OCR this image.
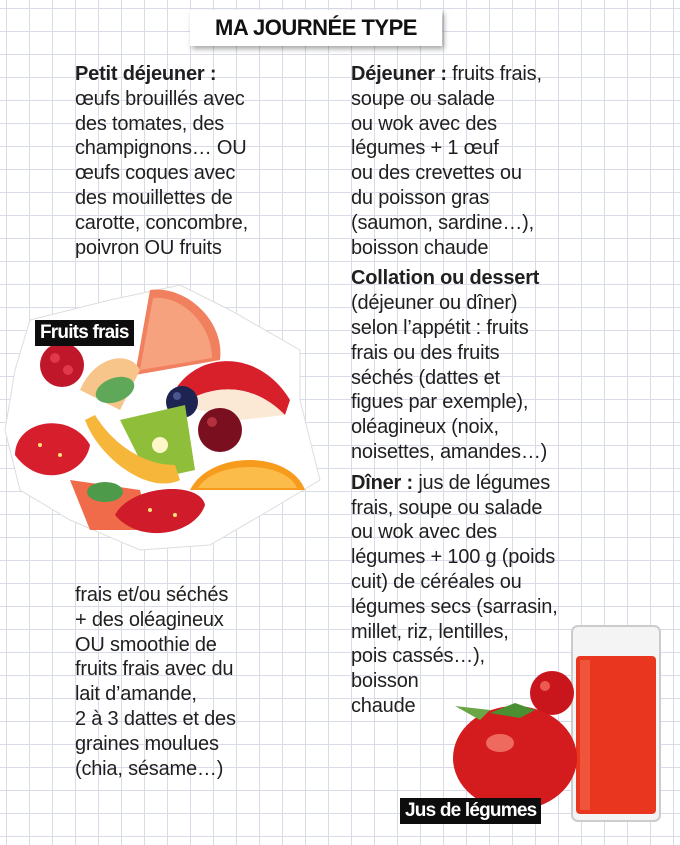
MA JOURNÉE TYPE

Petit déjeuner :

œufs brouillés avec

des tomates, des

champignons… OU

œufs coques avec

des mouillettes de

carotte, concombre,

poivron OU fruits

frais et/ou séchés

+ des oléagineux

OU smoothie de

fruits frais avec du

lait d’amande,

2 à 3 dattes et des

graines moulues

(chia, sésame…)

Déjeuner : fruits frais,

soupe ou salade

ou wok avec des

légumes + 1 œuf

ou des crevettes ou

du poisson gras

(saumon, sardine…),

boisson chaude

Collation ou dessert

(déjeuner ou dîner)

selon l’appétit : fruits

frais ou des fruits

séchés (dattes et

figues par exemple),

oléagineux (noix,

noisettes, amandes…)

Dîner : jus de légumes

frais, soupe ou salade

ou wok avec des

légumes + 100 g (poids

cuit) de céréales ou

légumes secs (sarrasin,

millet, riz, lentilles,

pois cassés…),

boisson

chaude

Fruits frais
Jus de légumes
